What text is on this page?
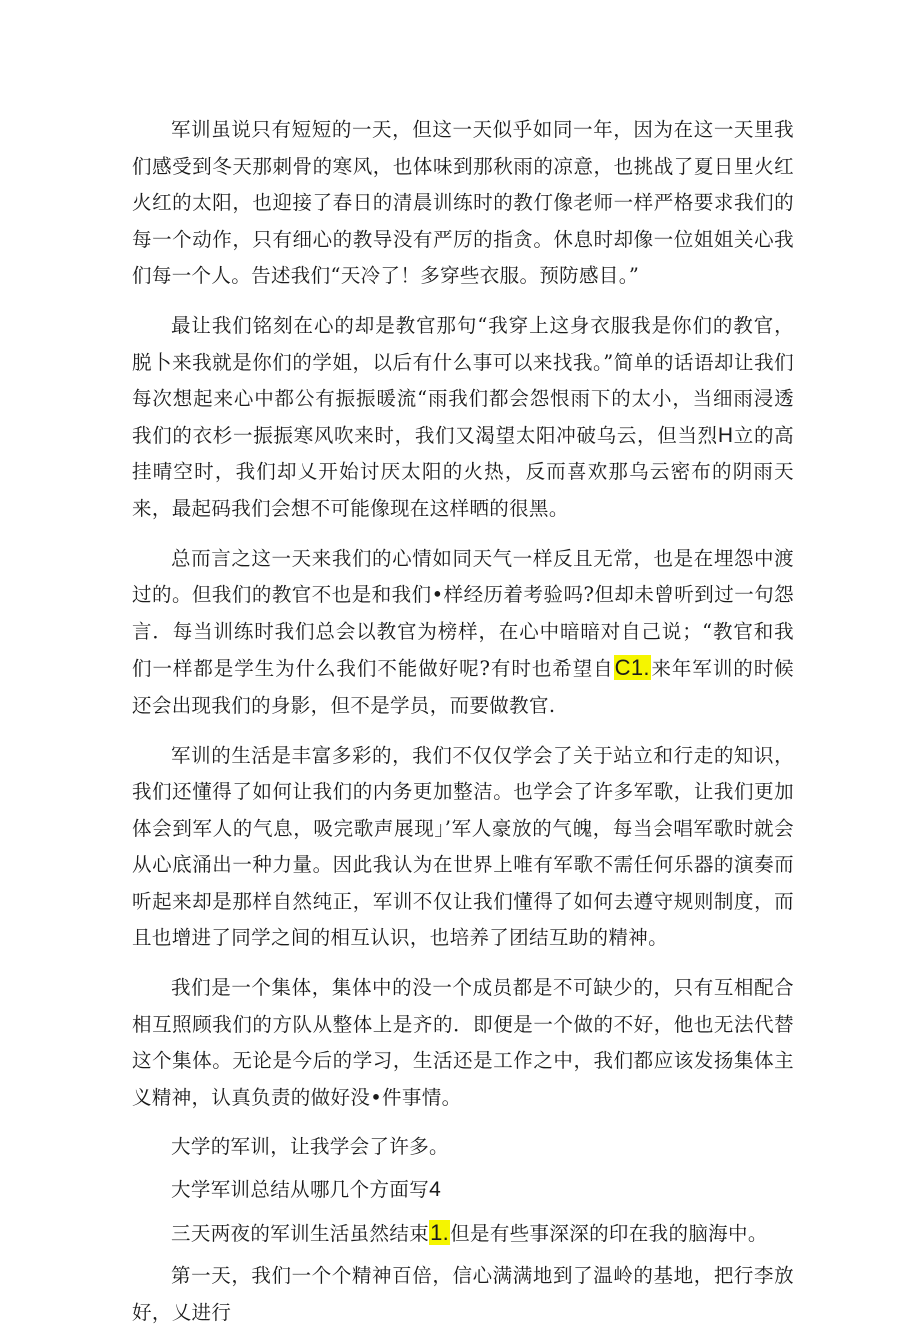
军训虽说只有短短的一天，但这一天似乎如同一年，因为在这一天里我们感受到冬天那刺骨的寒风，也体味到那秋雨的凉意，也挑战了夏日里火红火红的太阳，也迎接了春日的清晨训练时的教仃像老师一样严格要求我们的每一个动作，只有细心的教导没有严厉的指贪。休息时却像一位姐姐关心我们每一个人。告述我们“天冷了！多穿些衣服。预防感目。”

最让我们铭刻在心的却是教官那句“我穿上这身衣服我是你们的教官，脱卜来我就是你们的学姐，以后有什么事可以来找我。”简单的话语却让我们每次想起来心中都公有振振暖流“雨我们都会怨恨雨下的太小，当细雨浸透我们的衣杉一振振寒风吹来时，我们又渴望太阳冲破乌云，但当烈H立的高挂晴空时，我们却乂开始讨厌太阳的火热，反而喜欢那乌云密布的阴雨天来，最起码我们会想不可能像现在这样晒的很黑。

总而言之这一天来我们的心情如同天气一样反且无常，也是在埋怨中渡过的。但我们的教官不也是和我们•样经历着考验吗?但却未曾听到过一句怨言．每当训练时我们总会以教官为榜样，在心中暗暗对自己说；“教官和我们一样都是学生为什么我们不能做好呢?有时也希望自C1.来年军训的时候还会出现我们的身影，但不是学员，而要做教官.

军训的生活是丰富多彩的，我们不仅仅学会了关于站立和行走的知识，我们还懂得了如何让我们的内务更加整洁。也学会了许多军歌，让我们更加体会到军人的气息，吸完歌声展现」’军人豪放的气魄，每当会唱军歌时就会从心底涌出一种力量。因此我认为在世界上唯有军歌不需任何乐器的演奏而听起来却是那样自然纯正，军训不仅让我们懂得了如何去遵守规则制度，而且也增进了同学之间的相互认识，也培养了团结互助的精神。

我们是一个集体，集体中的没一个成员都是不可缺少的，只有互相配合相互照顾我们的方队从整体上是齐的．即便是一个做的不好，他也无法代替这个集体。无论是今后的学习，生活还是工作之中，我们都应该发扬集体主义精神，认真负责的做好没•件事情。

大学的军训，让我学会了许多。

大学军训总结从哪几个方面写4

三天两夜的军训生活虽然结束1.但是有些事深深的印在我的脑海中。

第一天，我们一个个精神百倍，信心满满地到了温岭的基地，把行李放好，乂进行
